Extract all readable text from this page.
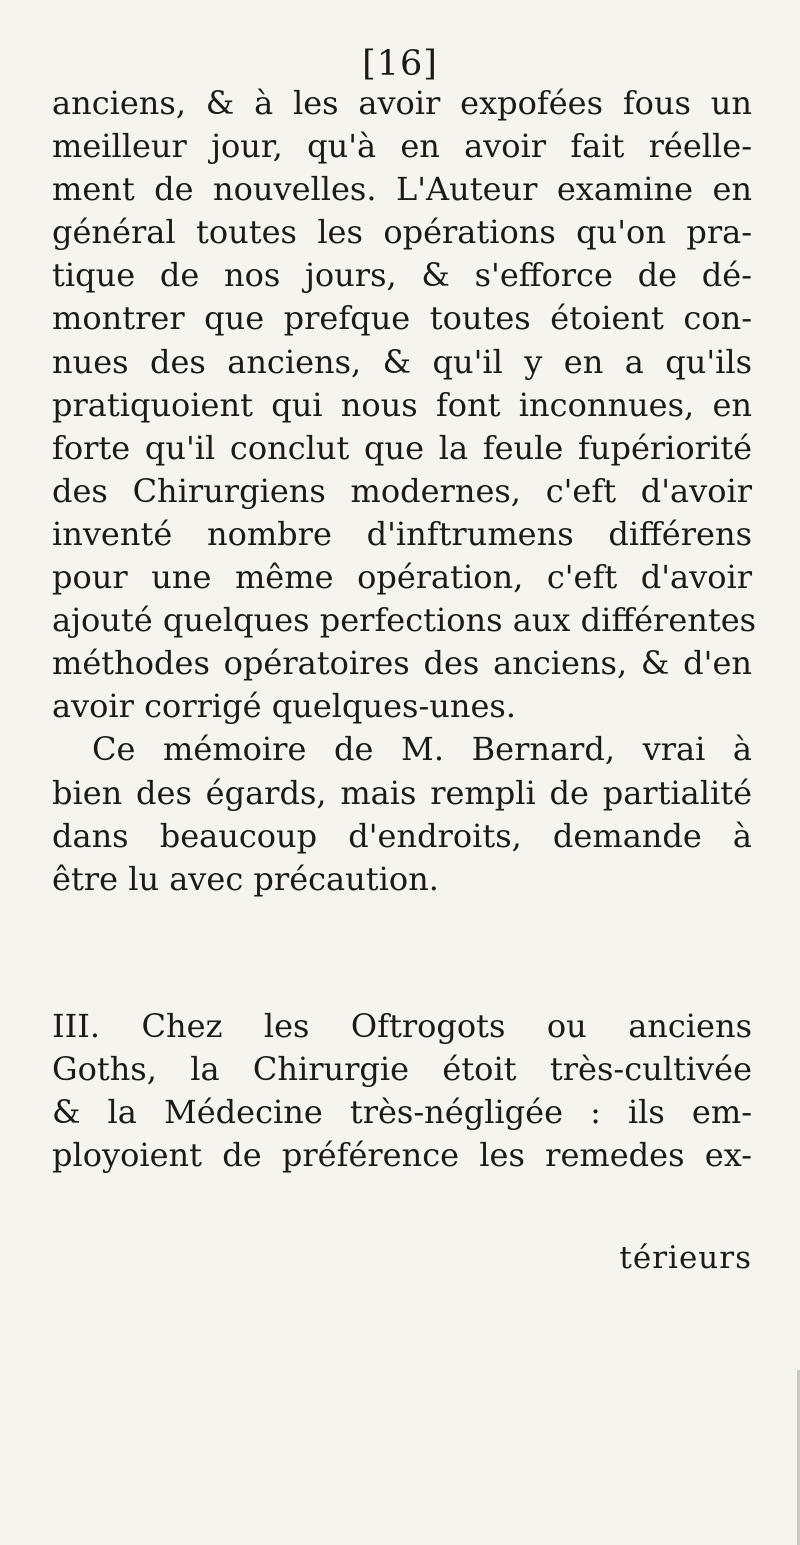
[16]
anciens, & à les avoir expofées fous un
meilleur jour, qu'à en avoir fait réelle-
ment de nouvelles. L'Auteur examine en
général toutes les opérations qu'on pra-
tique de nos jours, & s'efforce de dé-
montrer que prefque toutes étoient con-
nues des anciens, & qu'il y en a qu'ils
pratiquoient qui nous font inconnues, en
forte qu'il conclut que la feule fupériorité
des Chirurgiens modernes, c'eft d'avoir
inventé nombre d'inftrumens différens
pour une même opération, c'eft d'avoir
ajouté quelques perfections aux différentes
méthodes opératoires des anciens, & d'en
avoir corrigé quelques-unes.
Ce mémoire de M. Bernard, vrai à
bien des égards, mais rempli de partialité
dans beaucoup d'endroits, demande à
être lu avec précaution.
III. Chez les Oftrogots ou anciens
Goths, la Chirurgie étoit très-cultivée
& la Médecine très-négligée : ils em-
ployoient de préférence les remedes ex-
térieurs
